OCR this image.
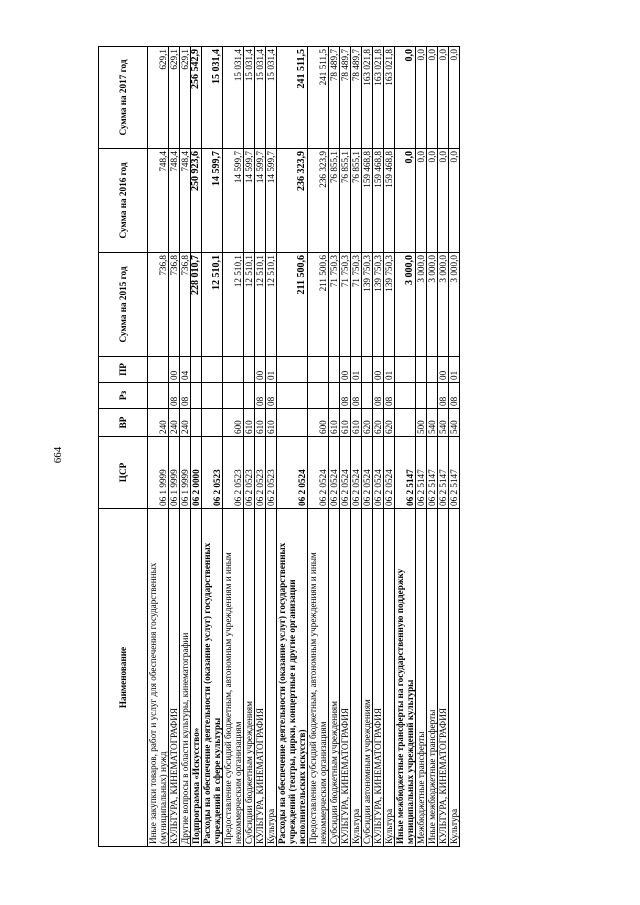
664
Наименование	ЦСР	ВР	Рз	ПР	Сумма на 2015 год	Сумма на 2016 год	Сумма на 2017 год
Иные закупки товаров, работ и услуг для обеспечения государственных (муниципальных) нужд	06 1 9999	240			736,8	748,4	629,1
КУЛЬТУРА, КИНЕМАТОГРАФИЯ	06 1 9999	240	08	00	736,8	748,4	629,1
Другие вопросы в области культуры, кинематографии	06 1 9999	240	08	04	736,8	748,4	629,1
Подпрограмма «Искусство»	06 2 0000				228 010,7	250 923,6	256 542,9
Расходы на обеспечение деятельности (оказание услуг) государственных учреждений в сфере культуры	06 2 0523				12 510,1	14 599,7	15 031,4
Предоставление субсидий бюджетным, автономным учреждениям и иным некоммерческим организациям	06 2 0523	600			12 510,1	14 599,7	15 031,4
Субсидии бюджетным учреждениям	06 2 0523	610			12 510,1	14 599,7	15 031,4
КУЛЬТУРА, КИНЕМАТОГРАФИЯ	06 2 0523	610	08	00	12 510,1	14 599,7	15 031,4
Культура	06 2 0523	610	08	01	12 510,1	14 599,7	15 031,4
Расходы на обеспечение деятельности (оказание услуг) государственных учреждений (театры, цирки, концертные и другие организации исполнительских искусств)	06 2 0524				211 500,6	236 323,9	241 511,5
Предоставление субсидий бюджетным, автономным учреждениям и иным некоммерческим организациям	06 2 0524	600			211 500,6	236 323,9	241 511,5
Субсидии бюджетным учреждениям	06 2 0524	610			71 750,3	76 855,1	78 489,7
КУЛЬТУРА, КИНЕМАТОГРАФИЯ	06 2 0524	610	08	00	71 750,3	76 855,1	78 489,7
Культура	06 2 0524	610	08	01	71 750,3	76 855,1	78 489,7
Субсидии автономным учреждениям	06 2 0524	620			139 750,3	159 468,8	163 021,8
КУЛЬТУРА, КИНЕМАТОГРАФИЯ	06 2 0524	620	08	00	139 750,3	159 468,8	163 021,8
Культура	06 2 0524	620	08	01	139 750,3	159 468,8	163 021,8
Иные межбюджетные трансферты на государственную поддержку муниципальных учреждений культуры	06 2 5147				3 000,0	0,0	0,0
Межбюджетные трансферты	06 2 5147	500			3 000,0	0,0	0,0
Иные межбюджетные трансферты	06 2 5147	540			3 000,0	0,0	0,0
КУЛЬТУРА, КИНЕМАТОГРАФИЯ	06 2 5147	540	08	00	3 000,0	0,0	0,0
Культура	06 2 5147	540	08	01	3 000,0	0,0	0,0
